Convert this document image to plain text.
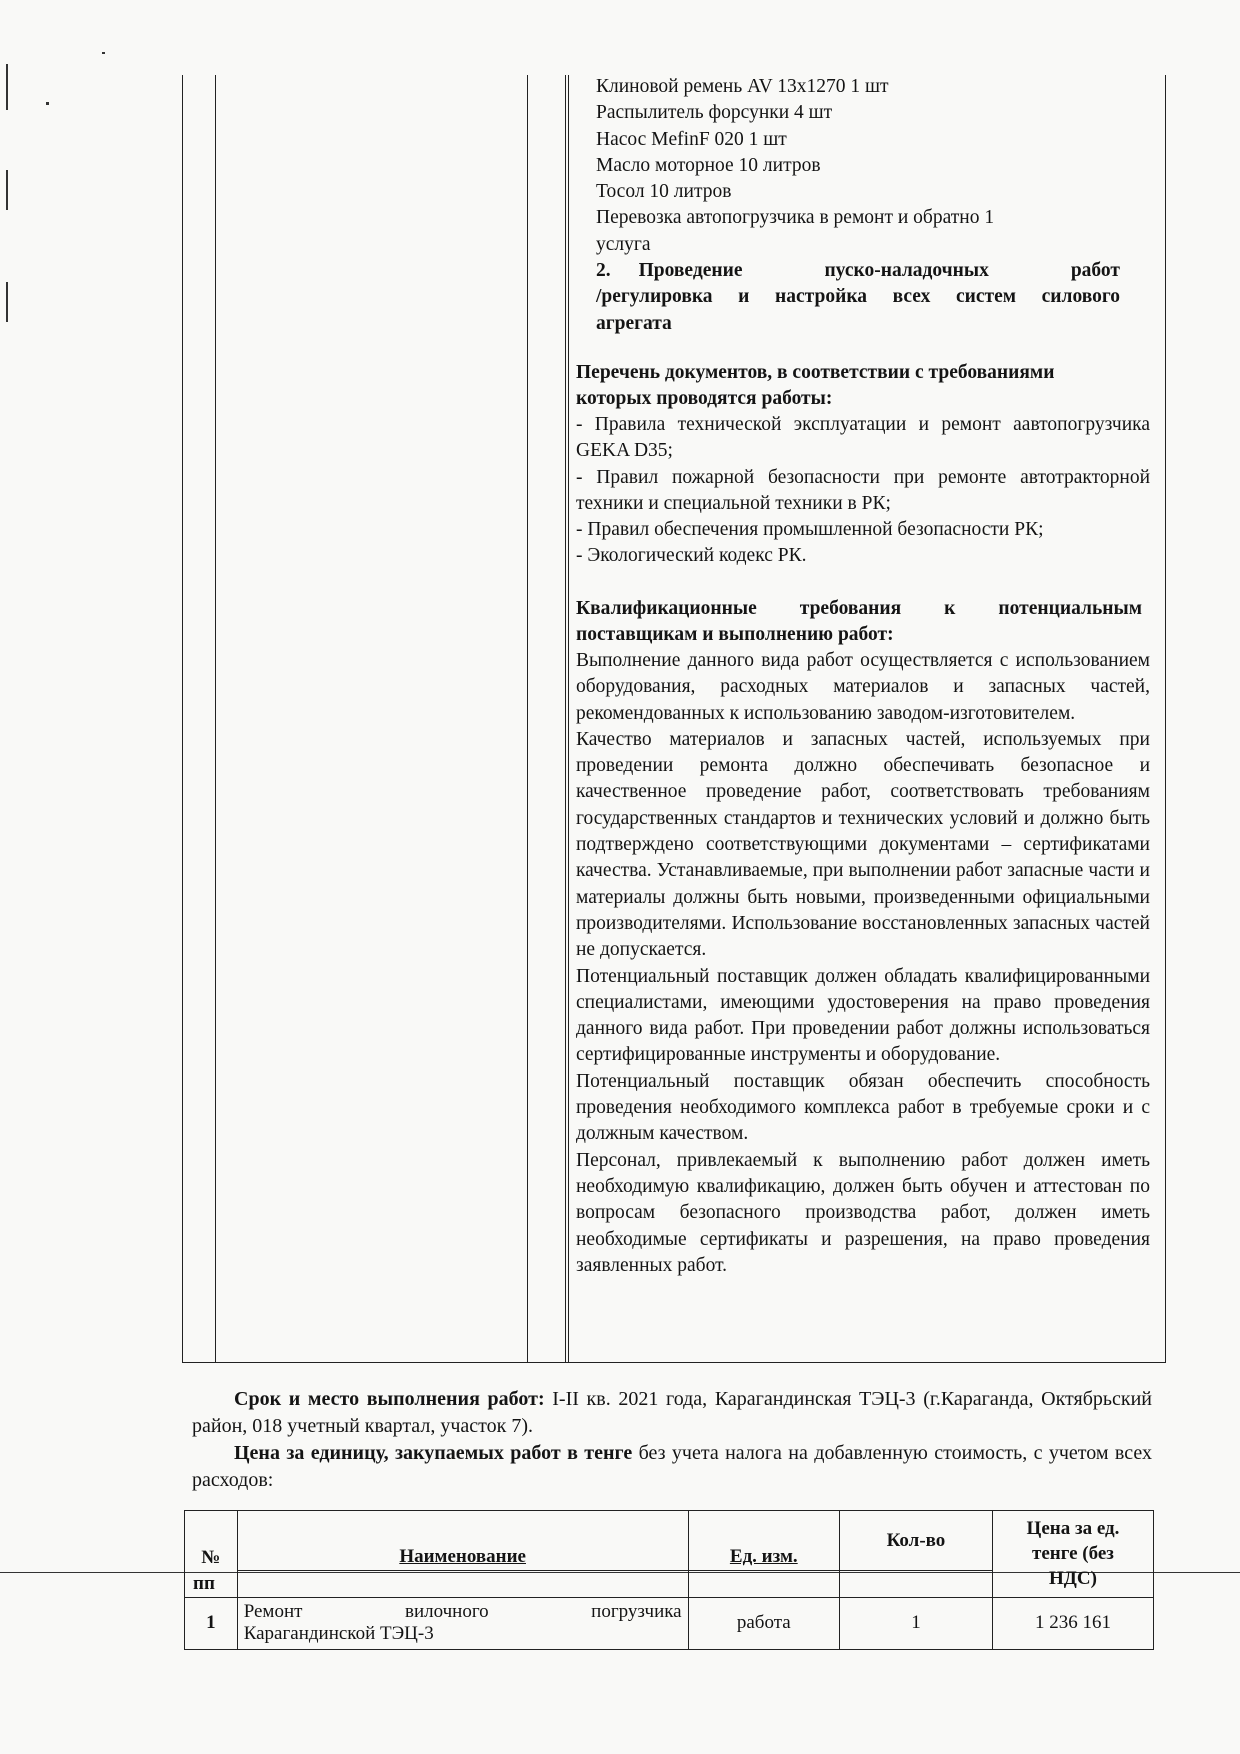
Клиновой ремень AV 13х1270 1 шт
Распылитель форсунки 4 шт
Насос MefinF 020 1 шт
Масло моторное 10 литров
Тосол 10 литров
Перевозка автопогрузчика в ремонт и обратно 1
услуга
2. Проведение пуско-наладочных работ
/регулировка и настройка всех систем силового
агрегата
Перечень документов, в соответствии с требованиями
которых проводятся работы:

- Правила технической эксплуатации и ремонт аавтопогрузчика GEKA D35;

- Правил пожарной безопасности при ремонте автотракторной техники и специальной техники в РК;

- Правил обеспечения промышленной безопасности РК;

- Экологический кодекс РК.

Квалификационные требования к потенциальным
поставщикам и выполнению работ:

Выполнение данного вида работ осуществляется с использованием оборудования, расходных материалов и запасных частей, рекомендованных к использованию заводом-изготовителем.

Качество материалов и запасных частей, используемых при проведении ремонта должно обеспечивать безопасное и качественное проведение работ, соответствовать требованиям государственных стандартов и технических условий и должно быть подтверждено соответствующими документами – сертификатами качества. Устанавливаемые, при выполнении работ запасные части и материалы должны быть новыми, произведенными официальными производителями. Использование восстановленных запасных частей не допускается.

Потенциальный поставщик должен обладать квалифицированными специалистами, имеющими удостоверения на право проведения данного вида работ. При проведении работ должны использоваться сертифицированные инструменты и оборудование.

Потенциальный поставщик обязан обеспечить способность проведения необходимого комплекса работ в требуемые сроки и с должным качеством.

Персонал, привлекаемый к выполнению работ должен иметь необходимую квалификацию, должен быть обучен и аттестован по вопросам безопасного производства работ, должен иметь необходимые сертификаты и разрешения, на право проведения заявленных работ.

Срок и место выполнения работ: I-II кв. 2021 года, Карагандинская ТЭЦ-3 (г.Караганда, Октябрьский район, 018 учетный квартал, участок 7).

Цена за единицу, закупаемых работ в тенге без учета налога на добавленную стоимость, с учетом всех расходов:

№	Наименование	Ед. изм.	Кол-во	Цена за ед.
тенге (без
НДС)

пп				
1	Ремонт вилочного погрузчика
Карагандинской ТЭЦ-3	работа	1	1 236 161
